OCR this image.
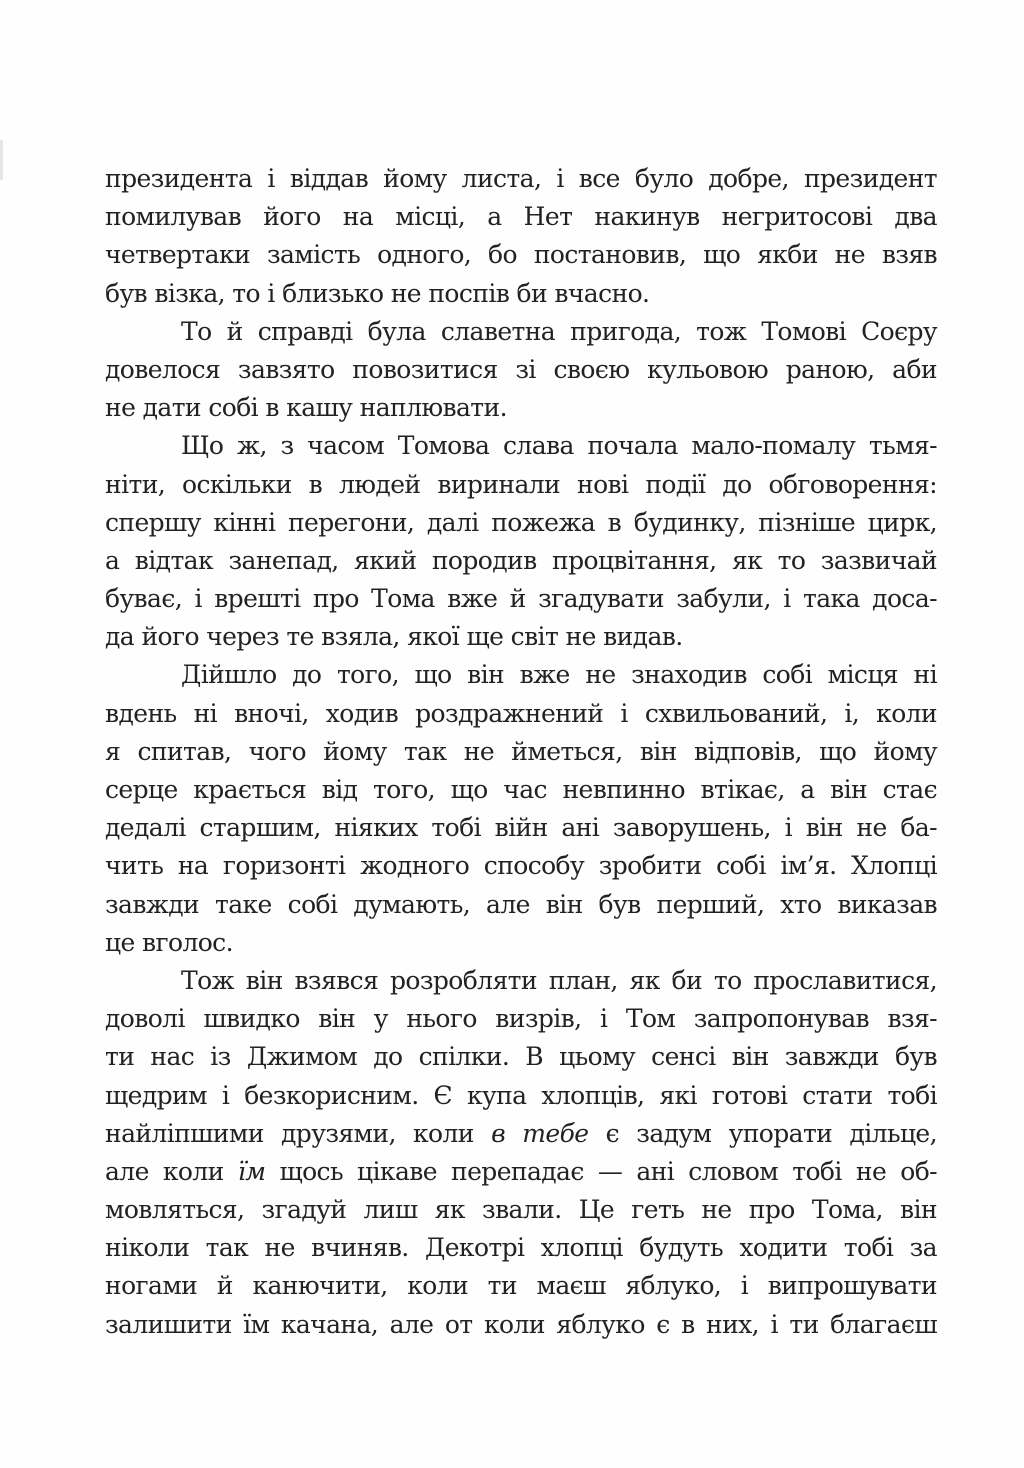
президента і віддав йому листа, і все було добре, президент
помилував його на місці, а Нет накинув негритосові два
четвертаки замість одного, бо постановив, що якби не взяв
був візка, то і близько не поспів би вчасно.
То й справді була славетна пригода, тож Томові Соєру
довелося завзято повозитися зі своєю кульовою раною, аби
не дати собі в кашу наплювати.
Що ж, з часом Томова слава почала мало-помалу тьмя-
ніти, оскільки в людей виринали нові події до обговорення:
спершу кінні перегони, далі пожежа в будинку, пізніше цирк,
а відтак занепад, який породив процвітання, як то зазвичай
буває, і врешті про Тома вже й згадувати забули, і така доса-
да його через те взяла, якої ще світ не видав.
Дійшло до того, що він вже не знаходив собі місця ні
вдень ні вночі, ходив роздражнений і схвильований, і, коли
я спитав, чого йому так не йметься, він відповів, що йому
серце крається від того, що час невпинно втікає, а він стає
дедалі старшим, ніяких тобі війн ані заворушень, і він не ба-
чить на горизонті жодного способу зробити собі ім’я. Хлопці
завжди таке собі думають, але він був перший, хто виказав
це вголос.
Тож він взявся розробляти план, як би то прославитися,
доволі швидко він у нього визрів, і Том запропонував взя-
ти нас із Джимом до спілки. В цьому сенсі він завжди був
щедрим і безкорисним. Є купа хлопців, які готові стати тобі
найліпшими друзями, коли в тебе є задум упорати дільце,
але коли їм щось цікаве перепадає — ані словом тобі не об-
мовляться, згадуй лиш як звали. Це геть не про Тома, він
ніколи так не вчиняв. Декотрі хлопці будуть ходити тобі за
ногами й канючити, коли ти маєш яблуко, і випрошувати
залишити їм качана, але от коли яблуко є в них, і ти благаєш
